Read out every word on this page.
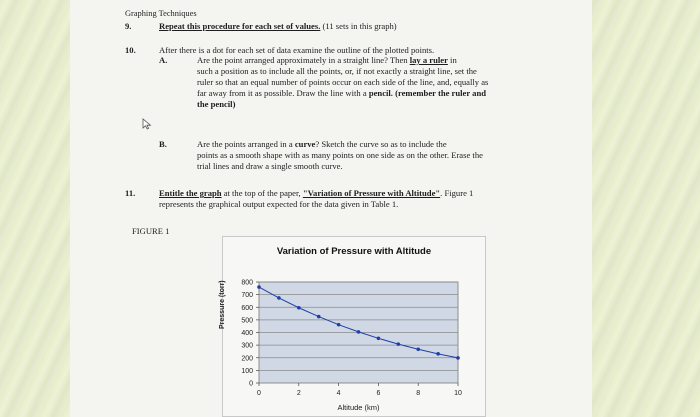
Graphing Techniques
9.	Repeat this procedure for each set of values. (11 sets in this graph)
10.	After there is a dot for each set of data examine the outline of the plotted points.
A.	Are the point arranged approximately in a straight line? Then lay a ruler in
such a position as to include all the points, or, if not exactly a straight line, set the
ruler so that an equal number of points occur on each side of the line, and, equally as
far away from it as possible. Draw the line with a pencil. (remember the ruler and
the pencil)
B.	Are the points arranged in a curve? Sketch the curve so as to include the
points as a smooth shape with as many points on one side as on the other. Erase the
trial lines and draw a single smooth curve.
11.	Entitle the graph at the top of the paper, "Variation of Pressure with Altitude". Figure 1
represents the graphical output expected for the data given in Table 1.
FIGURE 1
Variation of Pressure with Altitude
Pressure (torr)
0
100
200
300
400
500
600
700
800
0	2	4	6	8	10
Altitude (km)
